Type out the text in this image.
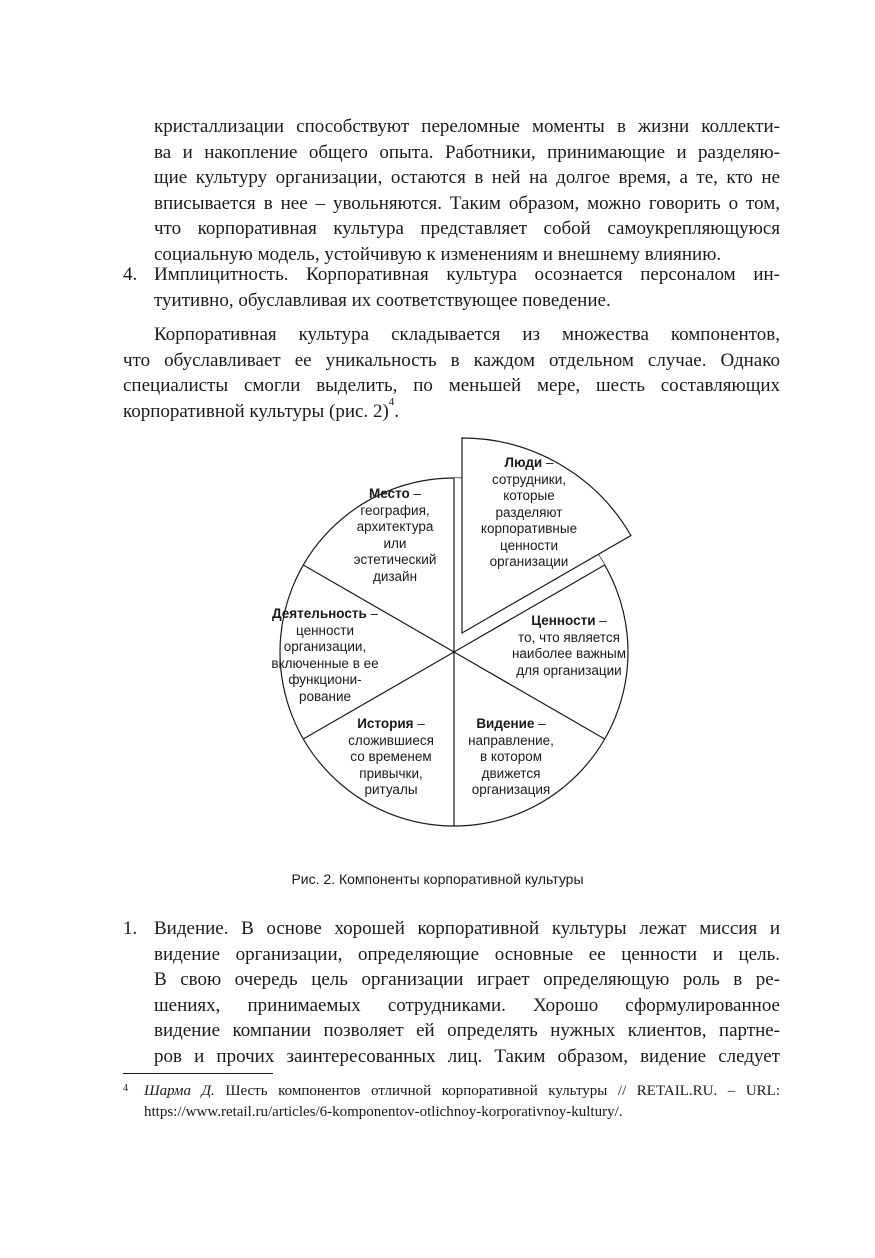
кристаллизации способствуют переломные моменты в жизни коллекти-
ва и накопление общего опыта. Работники, принимающие и разделяю-
щие культуру организации, остаются в ней на долгое время, а те, кто не
вписывается в нее – увольняются. Таким образом, можно говорить о том,
что корпоративная культура представляет собой самоукрепляющуюся
социальную модель, устойчивую к изменениям и внешнему влиянию.
4. Имплицитность. Корпоративная культура осознается персоналом ин-
туитивно, обуславливая их соответствующее поведение.
Корпоративная культура складывается из множества компонентов,
что обуславливает ее уникальность в каждом отдельном случае. Однако
специалисты смогли выделить, по меньшей мере, шесть составляющих
корпоративной культуры (рис. 2)$^4$.
Люди –
сотрудники,
которые
разделяют
корпоративные
ценности
организации
Ценности –
то, что является
наиболее важным
для организации
Видение –
направление,
в котором
движется
организация
История –
сложившиеся
со временем
привычки,
ритуалы
Деятельность –
ценности
организации,
включенные в ее
функциони-
рование
Место –
география,
архитектура
или
эстетический
дизайн
Рис. 2. Компоненты корпоративной культуры
1. Видение. В основе хорошей корпоративной культуры лежат миссия и
видение организации, определяющие основные ее ценности и цель.
В свою очередь цель организации играет определяющую роль в ре-
шениях, принимаемых сотрудниками. Хорошо сформулированное
видение компании позволяет ей определять нужных клиентов, партне-
ров и прочих заинтересованных лиц. Таким образом, видение следует
4	Шарма Д. Шесть компонентов отличной корпоративной культуры // RETAIL.RU. – URL:
https://www.retail.ru/articles/6-komponentov-otlichnoy-korporativnoy-kultury/.
